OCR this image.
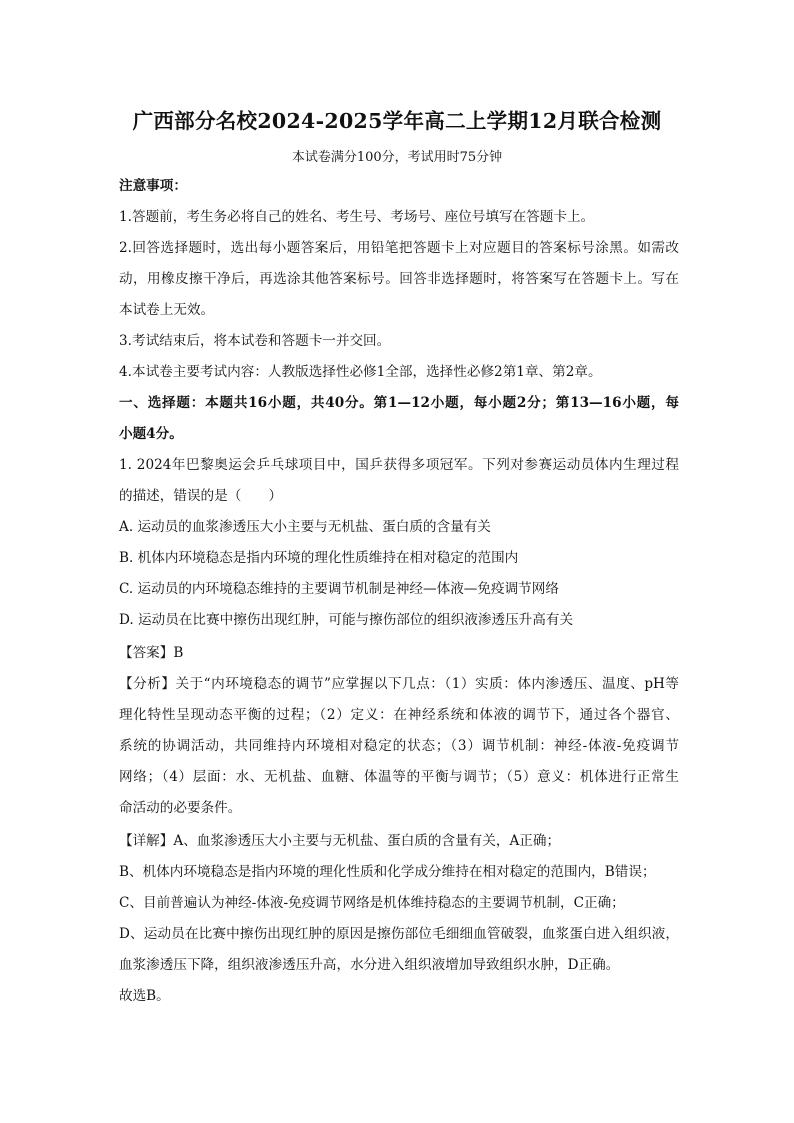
广西部分名校2024-2025学年高二上学期12月联合检测
本试卷满分100分，考试用时75分钟
注意事项：
1.答题前，考生务必将自己的姓名、考生号、考场号、座位号填写在答题卡上。
2.回答选择题时，选出每小题答案后，用铅笔把答题卡上对应题目的答案标号涂黑。如需改
动，用橡皮擦干净后，再选涂其他答案标号。回答非选择题时，将答案写在答题卡上。写在
本试卷上无效。
3.考试结束后，将本试卷和答题卡一并交回。
4.本试卷主要考试内容：人教版选择性必修1全部，选择性必修2第1章、第2章。
一、选择题：本题共16小题，共40分。第1—12小题，每小题2分；第13—16小题，每
小题4分。
1. 2024年巴黎奥运会乒乓球项目中，国乒获得多项冠军。下列对参赛运动员体内生理过程
的描述，错误的是（　　）
A. 运动员的血浆渗透压大小主要与无机盐、蛋白质的含量有关
B. 机体内环境稳态是指内环境的理化性质维持在相对稳定的范围内
C. 运动员的内环境稳态维持的主要调节机制是神经—体液—免疫调节网络
D. 运动员在比赛中擦伤出现红肿，可能与擦伤部位的组织液渗透压升高有关
【答案】B
【分析】关于“内环境稳态的调节”应掌握以下几点：（1）实质：体内渗透压、温度、pH等
理化特性呈现动态平衡的过程；（2）定义：在神经系统和体液的调节下，通过各个器官、
系统的协调活动，共同维持内环境相对稳定的状态；（3）调节机制：神经-体液-免疫调节
网络；（4）层面：水、无机盐、血糖、体温等的平衡与调节；（5）意义：机体进行正常生
命活动的必要条件。
【详解】A、血浆渗透压大小主要与无机盐、蛋白质的含量有关，A正确；
B、机体内环境稳态是指内环境的理化性质和化学成分维持在相对稳定的范围内，B错误；
C、目前普遍认为神经-体液-免疫调节网络是机体维持稳态的主要调节机制，C正确；
D、运动员在比赛中擦伤出现红肿的原因是擦伤部位毛细细血管破裂，血浆蛋白进入组织液，
血浆渗透压下降，组织液渗透压升高，水分进入组织液增加导致组织水肿，D正确。
故选B。
